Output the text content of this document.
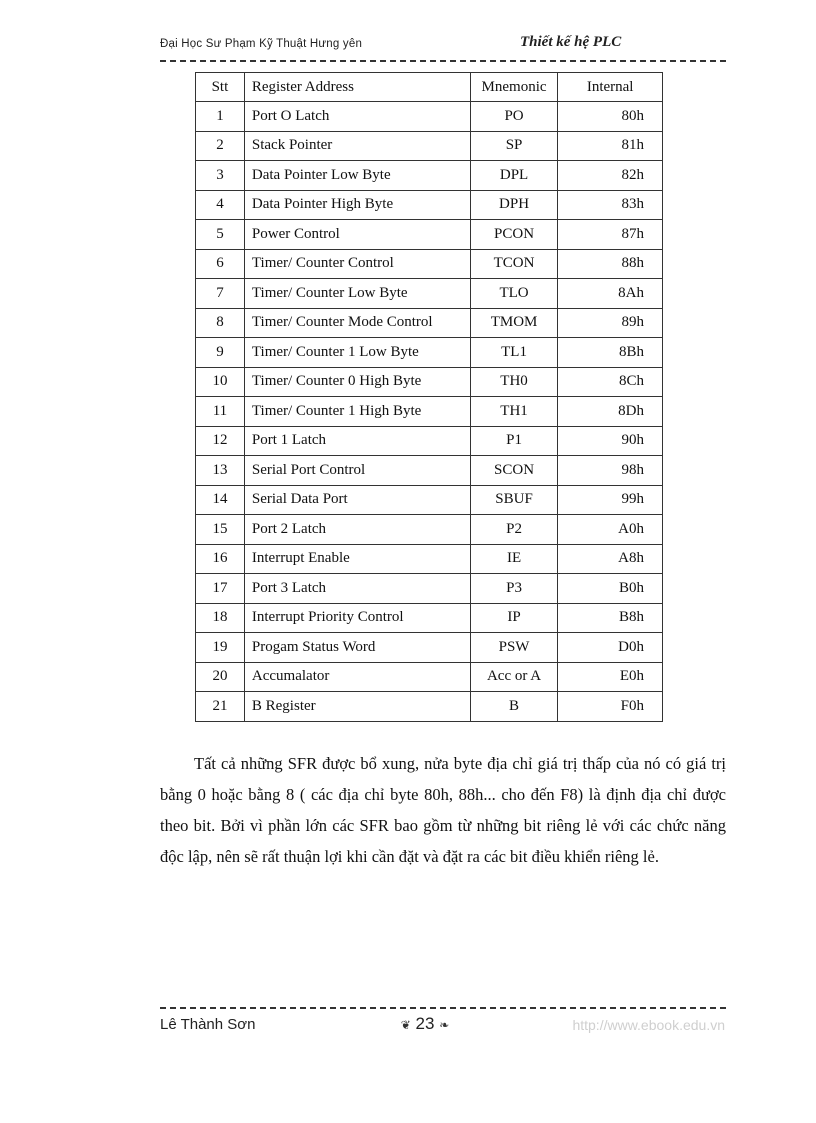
Đại Học Sư Phạm Kỹ Thuật Hưng yên	Thiết kế hệ PLC
Stt	Register Address	Mnemonic	Internal
1	Port O Latch	PO	80h
2	Stack Pointer	SP	81h
3	Data Pointer Low Byte	DPL	82h
4	Data Pointer High Byte	DPH	83h
5	Power Control	PCON	87h
6	Timer/ Counter Control	TCON	88h
7	Timer/ Counter Low Byte	TLO	8Ah
8	Timer/ Counter Mode Control	TMOM	89h
9	Timer/ Counter 1 Low Byte	TL1	8Bh
10	Timer/ Counter 0 High Byte	TH0	8Ch
11	Timer/ Counter 1 High Byte	TH1	8Dh
12	Port 1 Latch	P1	90h
13	Serial Port Control	SCON	98h
14	Serial Data Port	SBUF	99h
15	Port 2 Latch	P2	A0h
16	Interrupt Enable	IE	A8h
17	Port 3 Latch	P3	B0h
18	Interrupt Priority Control	IP	B8h
19	Progam Status Word	PSW	D0h
20	Accumalator	Acc or A	E0h
21	B Register	B	F0h
Tất cả những SFR được bổ xung, nửa byte địa chỉ giá trị thấp của nó có giá trị bằng 0 hoặc bằng 8 ( các địa chỉ byte 80h, 88h... cho đến F8) là định địa chỉ được theo bit. Bởi vì phần lớn các SFR bao gồm từ những bit riêng lẻ với các chức năng độc lập, nên sẽ rất thuận lợi khi cần đặt và đặt ra các bit điều khiển riêng lẻ.
Lê Thành Sơn	❦ 23 ❧	http://www.ebook.edu.vn
